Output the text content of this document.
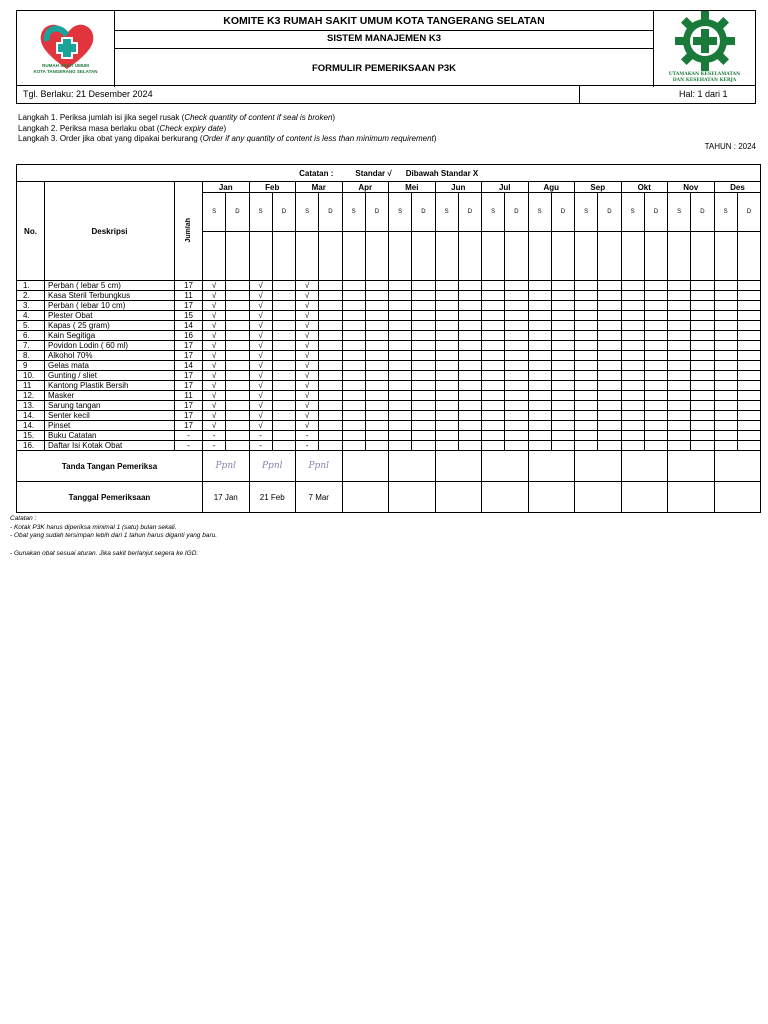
RUMAH SAKIT UMUM
KOTA TANGERANG SELATAN
KOMITE K3 RUMAH SAKIT UMUM KOTA TANGERANG SELATAN
SISTEM MANAJEMEN K3
FORMULIR PEMERIKSAAN P3K
UTAMAKAN KESELAMATAN
DAN KESEHATAN KERJA
Tgl. Berlaku: 21 Desember 2024	Hal: 1 dari 1
Langkah 1. Periksa jumlah isi jika segel rusak (Check quantity of content if seal is broken)
Langkah 2. Periksa masa berlaku obat (Check expiry date)
Langkah 3. Order jika obat yang dipakai berkurang (Order if any quantity of content is less than minimum requirement)
TAHUN : 2024
Catatan : Standar √ Dibawah Standar X																										
No.	Deskripsi	Jumlah	Jan		Feb		Mar		Apr		Mei		Jun		Jul		Agu		Sep		Okt		Nov		Des	
			S	D	S	D	S	D	S	D	S	D	S	D	S	D	S	D	S	D	S	D	S	D	S	D

1.	Perban ( lebar 5 cm)	17	√		√		√																			
2.	Kasa Steril Terbungkus	11	√		√		√																			
3.	Perban ( lebar 10 cm)	17	√		√		√																			
4.	Plester Obat	15	√		√		√																			
5.	Kapas ( 25 gram)	14	√		√		√																			
6.	Kain Segitiga	16	√		√		√																			
7.	Povidon Lodin ( 60 ml)	17	√		√		√																			
8.	Alkohol 70%	17	√		√		√																			
9	Gelas mata	14	√		√		√																			
10.	Gunting / sliet	17	√		√		√																			
11	Kantong Plastik Bersih	17	√		√		√																			
12.	Masker	11	√		√		√																			
13.	Sarung tangan	17	√		√		√																			
14.	Senter kecil	17	√		√		√																			
14.	Pinset	17	√		√		√																			
15.	Buku Catatan	-	-		-		-																			
16.	Daftar Isi Kotak Obat	-	-		-		-																			
Tanda Tangan Pemeriksa			Ppnl		Ppnl		Ppnl																			
Tanggal Pemeriksaan			17 Jan		21 Feb		7 Mar																			
Catatan :
- Kotak P3K harus diperiksa minimal 1 (satu) bulan sekali.
- Obat yang sudah tersimpan lebih dari 1 tahun harus diganti yang baru.
- Gunakan obat sesuai aturan. Jika sakit berlanjut segera ke IGD.
